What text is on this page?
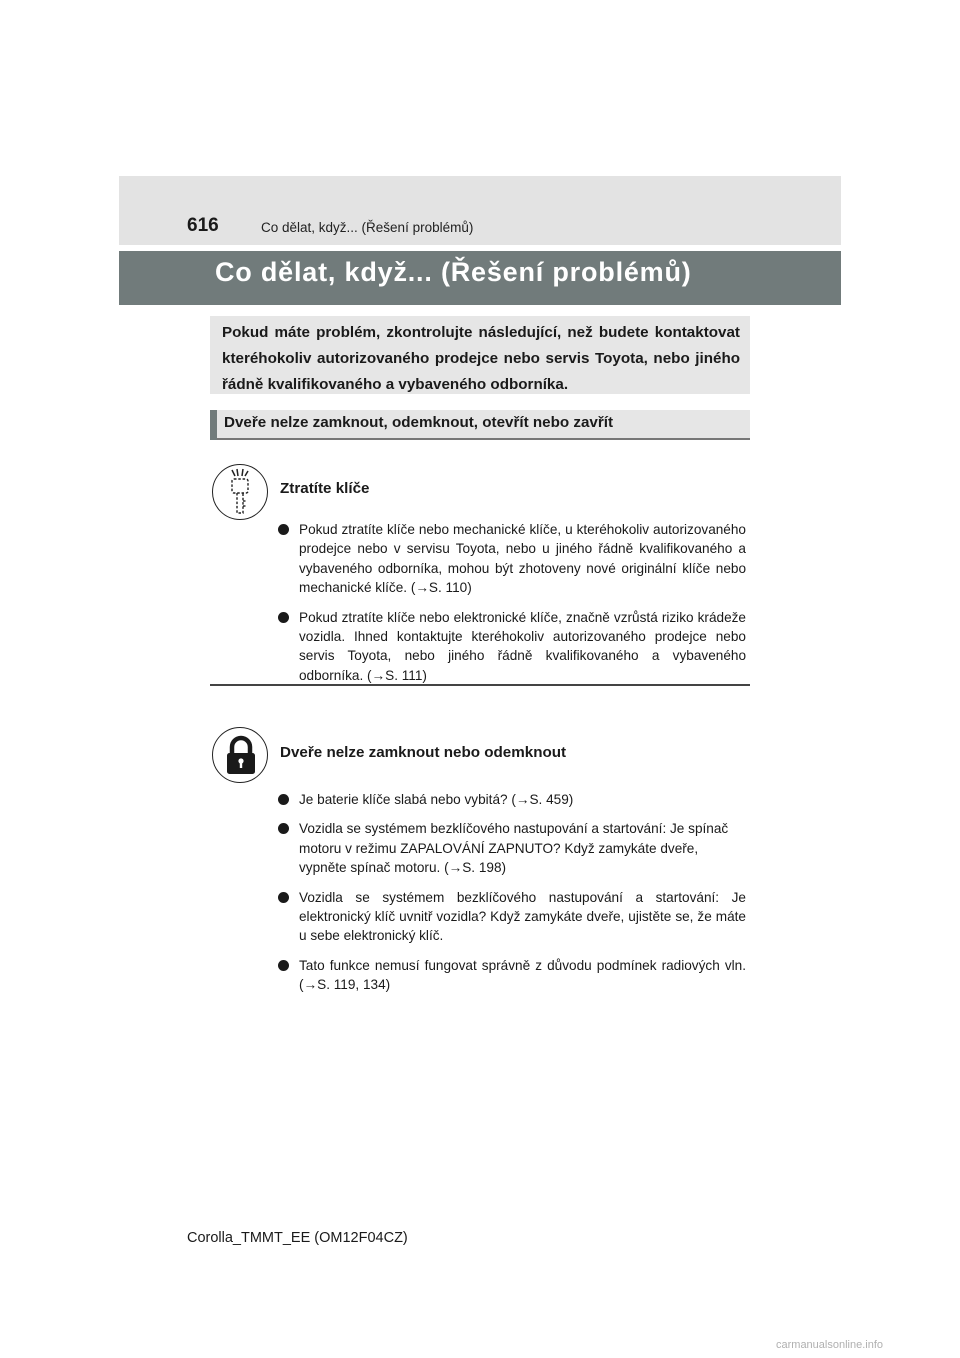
616	Co dělat, když... (Řešení problémů)
Co dělat, když... (Řešení problémů)
Pokud máte problém, zkontrolujte následující, než budete kontaktovat kteréhokoliv autorizovaného prodejce nebo servis Toyota, nebo jiného řádně kvalifikovaného a vybaveného odborníka.
Dveře nelze zamknout, odemknout, otevřít nebo zavřít
Ztratíte klíče
Pokud ztratíte klíče nebo mechanické klíče, u kteréhokoliv autorizovaného prodejce nebo v servisu Toyota, nebo u jiného řádně kvalifikovaného a vybaveného odborníka, mohou být zhotoveny nové originální klíče nebo mechanické klíče. (→S. 110)
Pokud ztratíte klíče nebo elektronické klíče, značně vzrůstá riziko krádeže vozidla. Ihned kontaktujte kteréhokoliv autorizovaného prodejce nebo servis Toyota, nebo jiného řádně kvalifikovaného a vybaveného odborníka. (→S. 111)
Dveře nelze zamknout nebo odemknout
Je baterie klíče slabá nebo vybitá? (→S. 459)
Vozidla se systémem bezklíčového nastupování a startování: Je spínač motoru v režimu ZAPALOVÁNÍ ZAPNUTO? Když zamykáte dveře, vypněte spínač motoru. (→S. 198)
Vozidla se systémem bezklíčového nastupování a startování: Je elektronický klíč uvnitř vozidla? Když zamykáte dveře, ujistěte se, že máte u sebe elektronický klíč.
Tato funkce nemusí fungovat správně z důvodu podmínek radiových vln. (→S. 119, 134)
Corolla_TMMT_EE (OM12F04CZ)
carmanualsonline.info
